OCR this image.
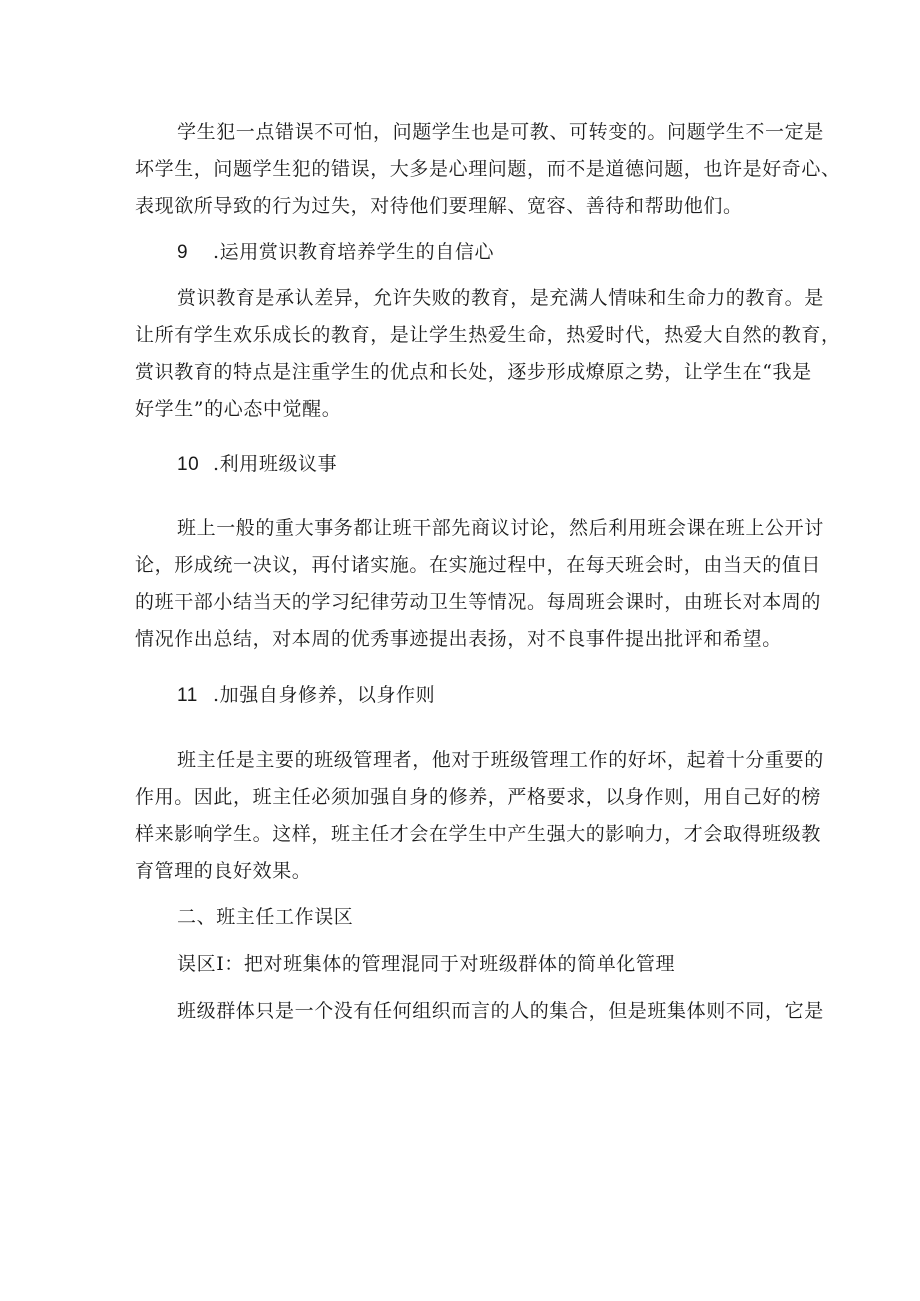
学生犯一点错误不可怕，问题学生也是可教、可转变的。问题学生不一定是
坏学生，问题学生犯的错误，大多是心理问题，而不是道德问题，也许是好奇心、
表现欲所导致的行为过失，对待他们要理解、宽容、善待和帮助他们。
9 .运用赏识教育培养学生的自信心
赏识教育是承认差异，允许失败的教育，是充满人情味和生命力的教育。是
让所有学生欢乐成长的教育，是让学生热爱生命，热爱时代，热爱大自然的教育，
赏识教育的特点是注重学生的优点和长处，逐步形成燎原之势，让学生在“我是
好学生”的心态中觉醒。
10 .利用班级议事
班上一般的重大事务都让班干部先商议讨论，然后利用班会课在班上公开讨
论，形成统一决议，再付诸实施。在实施过程中，在每天班会时，由当天的值日
的班干部小结当天的学习纪律劳动卫生等情况。每周班会课时，由班长对本周的
情况作出总结，对本周的优秀事迹提出表扬，对不良事件提出批评和希望。
11 .加强自身修养，以身作则
班主任是主要的班级管理者，他对于班级管理工作的好坏，起着十分重要的
作用。因此，班主任必须加强自身的修养，严格要求，以身作则，用自己好的榜
样来影响学生。这样，班主任才会在学生中产生强大的影响力，才会取得班级教
育管理的良好效果。
二、班主任工作误区
误区I：把对班集体的管理混同于对班级群体的简单化管理
班级群体只是一个没有任何组织而言的人的集合，但是班集体则不同，它是
